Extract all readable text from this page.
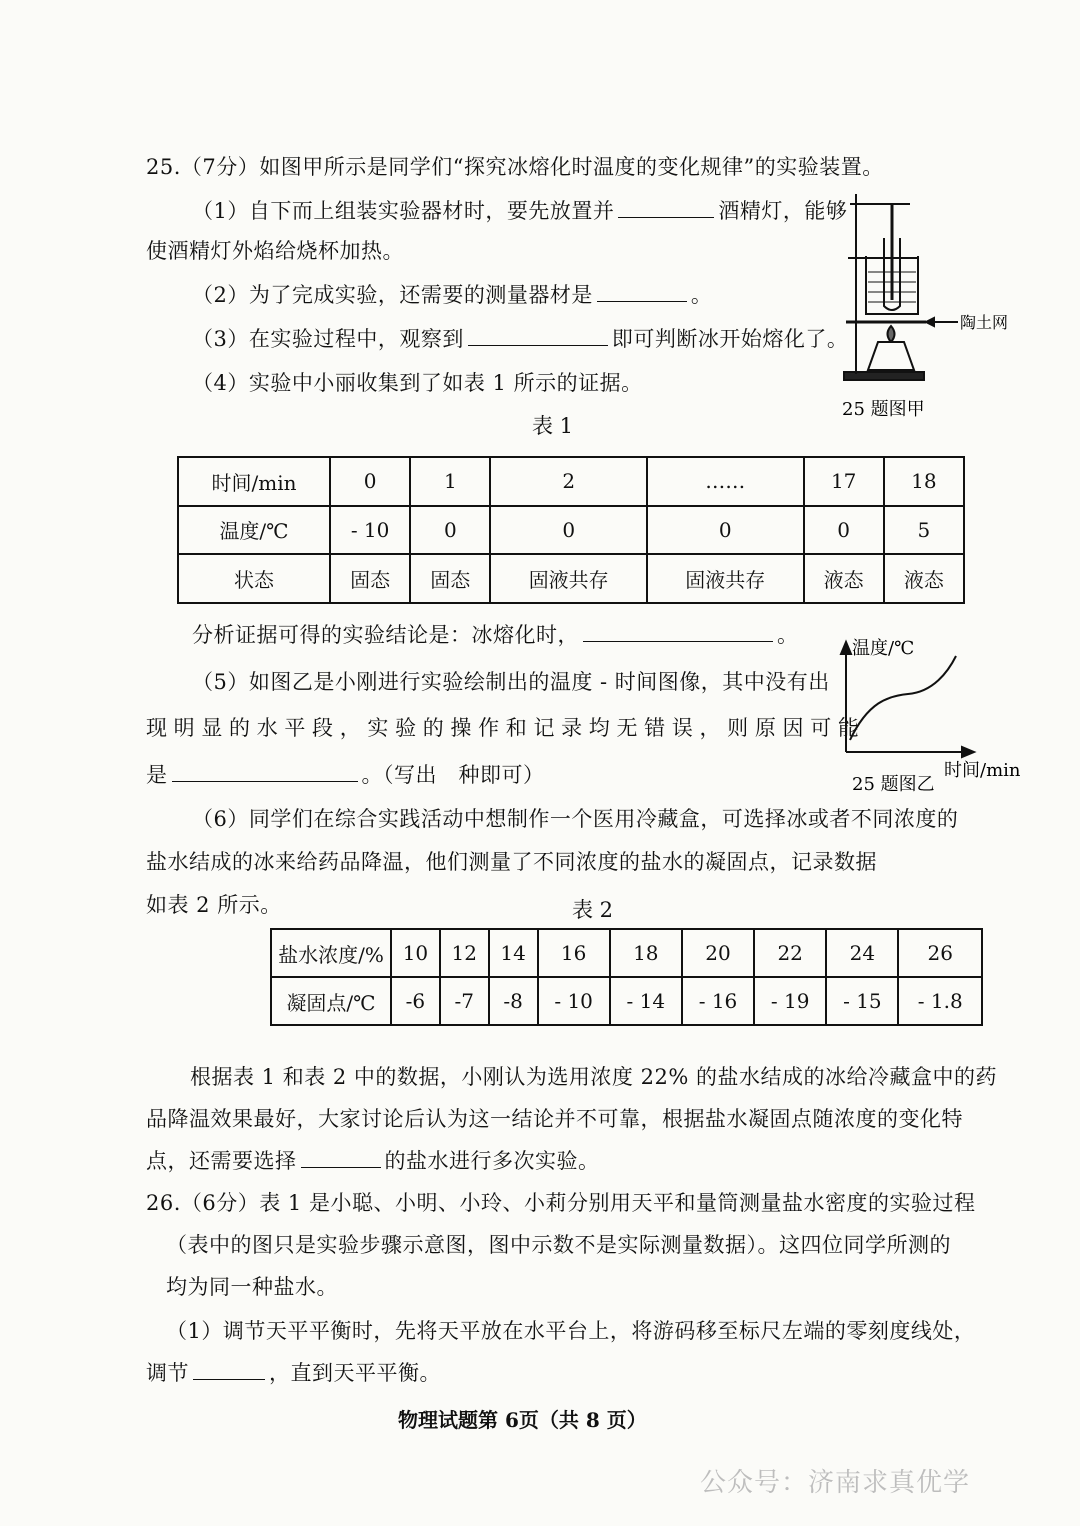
25.（7分）如图甲所示是同学们“探究冰熔化时温度的变化规律”的实验装置。
（1）自下而上组装实验器材时，要先放置并	酒精灯，能够
使酒精灯外焰给烧杯加热。
（2）为了完成实验，还需要的测量器材是	。
（3）在实验过程中，观察到	即可判断冰开始熔化了。
（4）实验中小丽收集到了如表 1 所示的证据。
陶土网
25 题图甲
表 1
时间/min	0	1	2	……	17	18
温度/℃	- 10	0	0	0	0	5
状态	固态	固态	固液共存	固液共存	液态	液态
分析证据可得的实验结论是：冰熔化时，	。
温度/℃
时间/min
25 题图乙
（5）如图乙是小刚进行实验绘制出的温度 - 时间图像，其中没有出
现 明 显 的 水 平 段 ， 实 验 的 操 作 和 记 录 均 无 错 误 ， 则 原 因 可 能
是	。（写出　种即可）
（6）同学们在综合实践活动中想制作一个医用冷藏盒，可选择冰或者不同浓度的
盐水结成的冰来给药品降温，他们测量了不同浓度的盐水的凝固点，记录数据
如表 2 所示。	表 2
盐水浓度/%	10	12	14	16	18	20	22	24	26
凝固点/℃	-6	-7	-8	- 10	- 14	- 16	- 19	- 15	- 1.8
根据表 1 和表 2 中的数据，小刚认为选用浓度 22% 的盐水结成的冰给冷藏盒中的药
品降温效果最好，大家讨论后认为这一结论并不可靠，根据盐水凝固点随浓度的变化特
点，还需要选择	的盐水进行多次实验。
26.（6分）表 1 是小聪、小明、小玲、小莉分别用天平和量筒测量盐水密度的实验过程
（表中的图只是实验步骤示意图，图中示数不是实际测量数据）。这四位同学所测的
均为同一种盐水。
（1）调节天平平衡时，先将天平放在水平台上，将游码移至标尺左端的零刻度线处，
调节	，直到天平平衡。
物理试题第 6页（共 8 页）
公众号：济南求真优学
